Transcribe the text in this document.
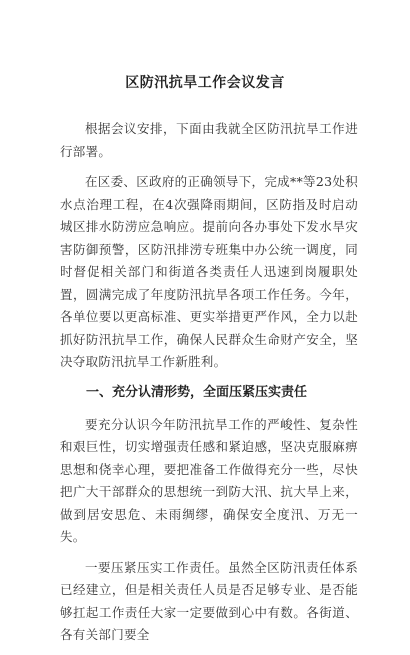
区防汛抗旱工作会议发言

根据会议安排，下面由我就全区防汛抗旱工作进行部署。

在区委、区政府的正确领导下，完成**等23处积水点治理工程，在4次强降雨期间，区防指及时启动城区排水防涝应急响应。提前向各办事处下发水旱灾害防御预警，区防汛排涝专班集中办公统一调度，同时督促相关部门和街道各类责任人迅速到岗履职处置，圆满完成了年度防汛抗旱各项工作任务。今年，各单位要以更高标准、更实举措更严作风，全力以赴抓好防汛抗旱工作，确保人民群众生命财产安全，坚决夺取防汛抗旱工作新胜利。

一、充分认清形势，全面压紧压实责任

要充分认识今年防汛抗旱工作的严峻性、复杂性和艰巨性，切实增强责任感和紧迫感，坚决克服麻痹思想和侥幸心理，要把准备工作做得充分一些，尽快把广大干部群众的思想统一到防大汛、抗大旱上来，做到居安思危、未雨绸缪，确保安全度汛、万无一失。

一要压紧压实工作责任。虽然全区防汛责任体系已经建立，但是相关责任人员是否足够专业、是否能够扛起工作责任大家一定要做到心中有数。各街道、各有关部门要全
